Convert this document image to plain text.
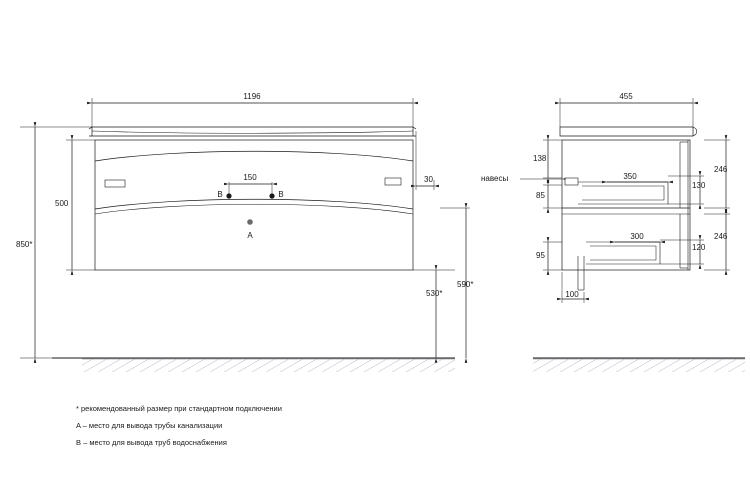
1196
150	30
500
850*
530*
590*
B	B
A
455
138
85
95
100
350
300
130
120
246
246
навесы
* рекомендованный размер при стандартном подключении
A – место для вывода трубы канализации
B – место для вывода труб водоснабжения
